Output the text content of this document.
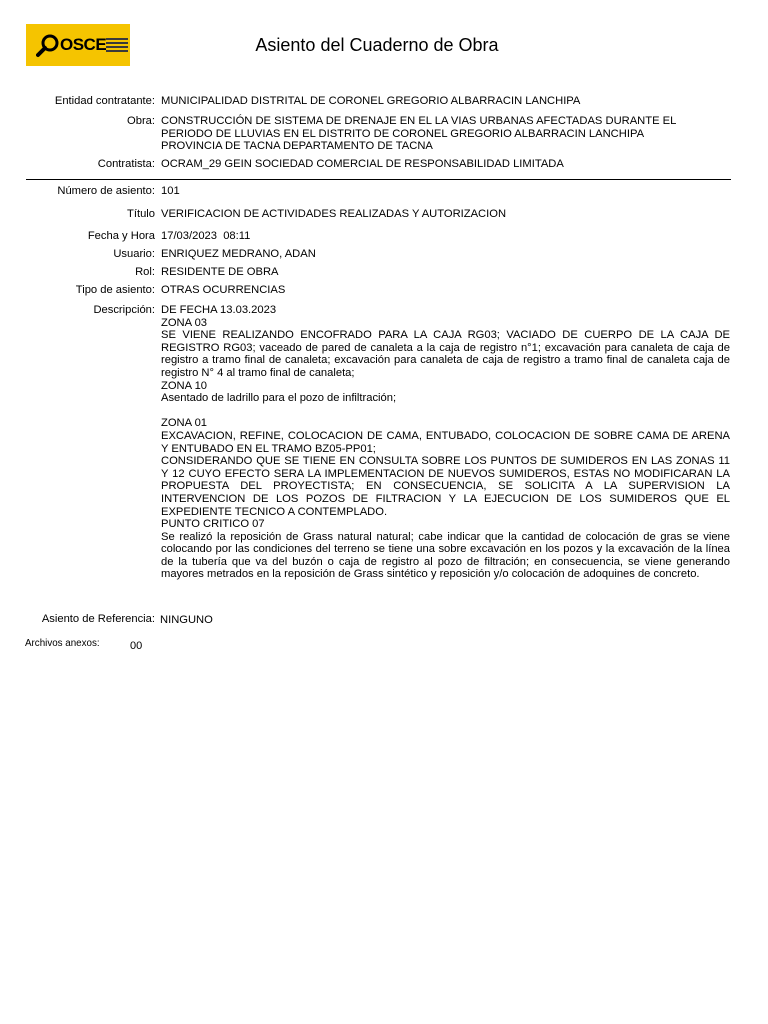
OSCE	Asiento del Cuaderno de Obra
Entidad contratante: MUNICIPALIDAD DISTRITAL DE CORONEL GREGORIO ALBARRACIN LANCHIPA
Obra: CONSTRUCCIÓN DE SISTEMA DE DRENAJE EN EL LA VIAS URBANAS AFECTADAS DURANTE EL PERIODO DE LLUVIAS EN EL DISTRITO DE CORONEL GREGORIO ALBARRACIN LANCHIPA PROVINCIA DE TACNA DEPARTAMENTO DE TACNA
Contratista: OCRAM_29 GEIN SOCIEDAD COMERCIAL DE RESPONSABILIDAD LIMITADA
Número de asiento: 101
Título VERIFICACION DE ACTIVIDADES REALIZADAS Y AUTORIZACION
Fecha y Hora 17/03/2023  08:11
Usuario: ENRIQUEZ MEDRANO, ADAN
Rol: RESIDENTE DE OBRA
Tipo de asiento: OTRAS OCURRENCIAS
Descripción: DE FECHA 13.03.2023
ZONA 03
SE VIENE REALIZANDO ENCOFRADO PARA LA CAJA RG03; VACIADO DE CUERPO DE LA CAJA DE REGISTRO RG03; vaceado de pared de canaleta a la caja de registro n°1; excavación para canaleta de caja de registro a tramo final de canaleta; excavación para canaleta de caja de registro a tramo final de canaleta caja de registro N° 4 al tramo final de canaleta;
ZONA 10
Asentado de ladrillo para el pozo de infiltración;

ZONA 01
EXCAVACION, REFINE, COLOCACION DE CAMA, ENTUBADO, COLOCACION DE SOBRE CAMA DE ARENA Y ENTUBADO EN EL TRAMO BZ05-PP01;
CONSIDERANDO QUE SE TIENE EN CONSULTA SOBRE LOS PUNTOS DE SUMIDEROS EN LAS ZONAS 11 Y 12 CUYO EFECTO SERA LA IMPLEMENTACION DE NUEVOS SUMIDEROS, ESTAS NO MODIFICARAN LA PROPUESTA DEL PROYECTISTA; EN CONSECUENCIA, SE SOLICITA A LA SUPERVISION LA INTERVENCION DE LOS POZOS DE FILTRACION Y LA EJECUCION DE LOS SUMIDEROS QUE EL EXPEDIENTE TECNICO A CONTEMPLADO.
PUNTO CRITICO 07
Se realizó la reposición de Grass natural natural; cabe indicar que la cantidad de colocación de gras se viene colocando por las condiciones del terreno se tiene una sobre excavación en los pozos y la excavación de la línea de la tubería que va del buzón o caja de registro al pozo de filtración; en consecuencia, se viene generando mayores metrados en la reposición de Grass sintético y reposición y/o colocación de adoquines de concreto.
Asiento de Referencia: NINGUNO
Archivos anexos:	00
